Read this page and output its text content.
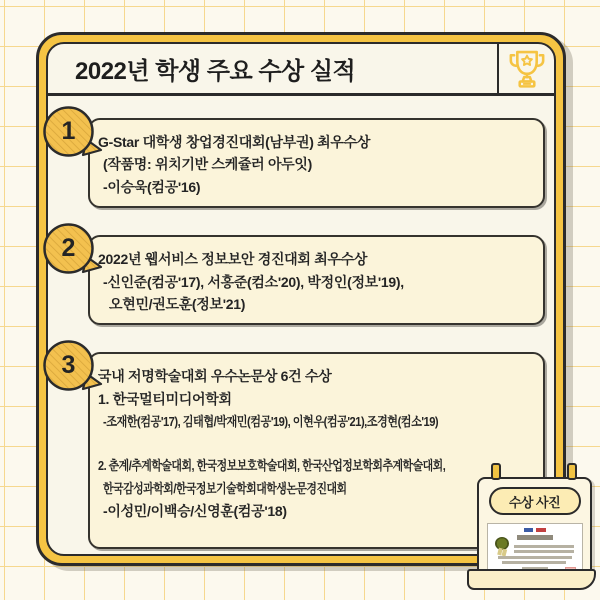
2022년 학생 주요 수상 실적
1	G-Star 대학생 창업경진대회(남부권) 최우수상
(작품명: 위치기반 스케쥴러 아두잇)
-이승욱(컴공'16)
2	2022년 웹서비스 정보보안 경진대회 최우수상
-신인준(컴공'17), 서홍준(컴소'20), 박정인(정보'19),
오현민/권도훈(정보'21)
3	국내 저명학술대회 우수논문상 6건 수상
1. 한국멀티미디어학회
-조재한(컴공'17), 김태협/박재민(컴공'19), 이현우(컴공'21),조경현(컴소'19)
2. 춘계/추계학술대회, 한국정보보호학술대회, 한국산업정보학회추계학술대회,
한국감성과학회/한국정보기술학회대학생논문경진대회
-이성민/이백승/신영훈(컴공'18)
수상 사진
